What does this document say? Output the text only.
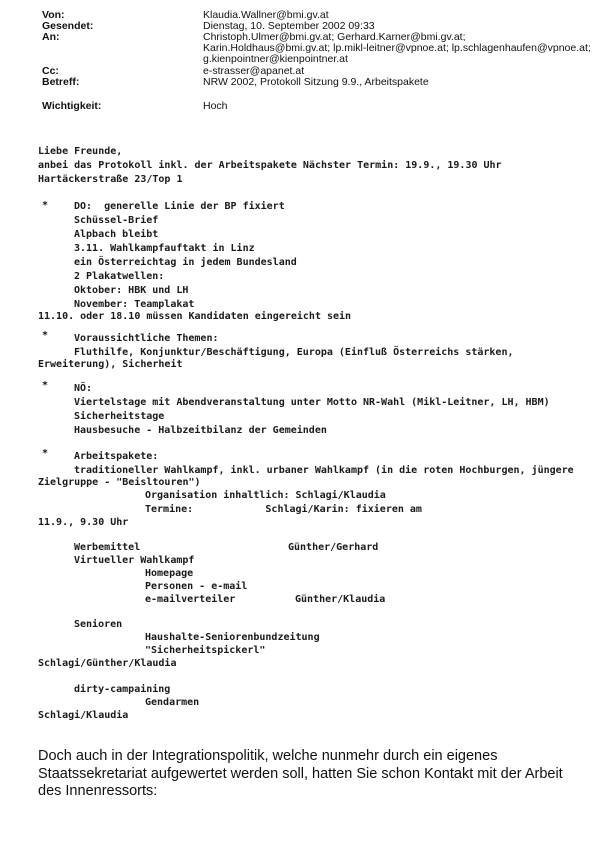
Von:	Klaudia.Wallner@bmi.gv.at
Gesendet:	Dienstag, 10. September 2002 09:33
An:	Christoph.Ulmer@bmi.gv.at; Gerhard.Karner@bmi.gv.at;
Karin.Holdhaus@bmi.gv.at; lp.mikl-leitner@vpnoe.at; lp.schlagenhaufen@vpnoe.at;
g.kienpointner@kienpointner.at
Cc:	e-strasser@apanet.at
Betreff:	NRW 2002, Protokoll Sitzung 9.9., Arbeitspakete
Wichtigkeit:	Hoch
Liebe Freunde,
anbei das Protokoll inkl. der Arbeitspakete Nächster Termin: 19.9., 19.30 Uhr
Hartäckerstraße 23/Top 1
*	DO:  generelle Linie der BP fixiert
Schüssel-Brief
Alpbach bleibt
3.11. Wahlkampfauftakt in Linz
ein Österreichtag in jedem Bundesland
2 Plakatwellen:
Oktober: HBK und LH
November: Teamplakat
11.10. oder 18.10 müssen Kandidaten eingereicht sein
*	Voraussichtliche Themen:
Fluthilfe, Konjunktur/Beschäftigung, Europa (Einfluß Österreichs stärken,
Erweiterung), Sicherheit
*	NÖ:
Viertelstage mit Abendveranstaltung unter Motto NR-Wahl (Mikl-Leitner, LH, HBM)
Sicherheitstage
Hausbesuche - Halbzeitbilanz der Gemeinden
*	Arbeitspakete:
traditioneller Wahlkampf, inkl. urbaner Wahlkampf (in die roten Hochburgen, jüngere
Zielgruppe - "Beisltouren")
Organisation inhaltlich: Schlagi/Klaudia
Termine:            Schlagi/Karin: fixieren am
11.9., 9.30 Uhr
Werbemittel	Günther/Gerhard
Virtueller Wahlkampf
Homepage
Personen - e-mail
e-mailverteiler	Günther/Klaudia
Senioren
Haushalte-Seniorenbundzeitung
"Sicherheitspickerl"
Schlagi/Günther/Klaudia
dirty-campaining
Gendarmen
Schlagi/Klaudia

Doch auch in der Integrationspolitik, welche nunmehr durch ein eigenes Staatssekretariat aufgewertet werden soll, hatten Sie schon Kontakt mit der Arbeit des Innenressorts:
